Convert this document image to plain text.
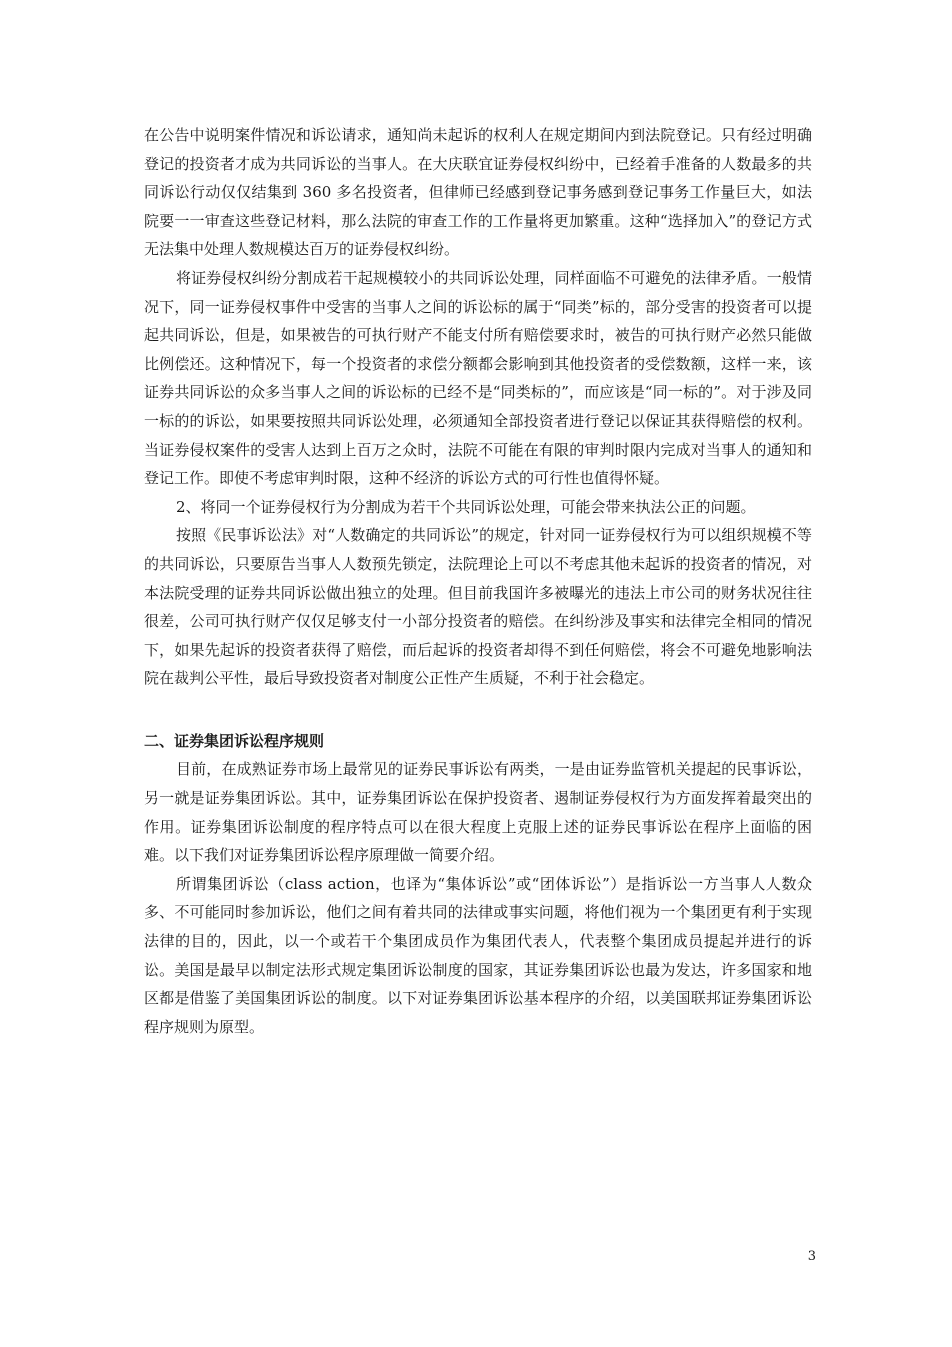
在公告中说明案件情况和诉讼请求，通知尚未起诉的权利人在规定期间内到法院登记。只有经过明确登记的投资者才成为共同诉讼的当事人。在大庆联宜证券侵权纠纷中，已经着手准备的人数最多的共同诉讼行动仅仅结集到 360 多名投资者，但律师已经感到登记事务感到登记事务工作量巨大，如法院要一一审查这些登记材料，那么法院的审查工作的工作量将更加繁重。这种“选择加入”的登记方式无法集中处理人数规模达百万的证券侵权纠纷。

将证券侵权纠纷分割成若干起规模较小的共同诉讼处理，同样面临不可避免的法律矛盾。一般情况下，同一证券侵权事件中受害的当事人之间的诉讼标的属于“同类”标的，部分受害的投资者可以提起共同诉讼，但是，如果被告的可执行财产不能支付所有赔偿要求时，被告的可执行财产必然只能做比例偿还。这种情况下，每一个投资者的求偿分额都会影响到其他投资者的受偿数额，这样一来，该证券共同诉讼的众多当事人之间的诉讼标的已经不是“同类标的”，而应该是“同一标的”。对于涉及同一标的的诉讼，如果要按照共同诉讼处理，必须通知全部投资者进行登记以保证其获得赔偿的权利。当证券侵权案件的受害人达到上百万之众时，法院不可能在有限的审判时限内完成对当事人的通知和登记工作。即使不考虑审判时限，这种不经济的诉讼方式的可行性也值得怀疑。

2、将同一个证券侵权行为分割成为若干个共同诉讼处理，可能会带来执法公正的问题。

按照《民事诉讼法》对“人数确定的共同诉讼”的规定，针对同一证券侵权行为可以组织规模不等的共同诉讼，只要原告当事人人数预先锁定，法院理论上可以不考虑其他未起诉的投资者的情况，对本法院受理的证券共同诉讼做出独立的处理。但目前我国许多被曝光的违法上市公司的财务状况往往很差，公司可执行财产仅仅足够支付一小部分投资者的赔偿。在纠纷涉及事实和法律完全相同的情况下，如果先起诉的投资者获得了赔偿，而后起诉的投资者却得不到任何赔偿，将会不可避免地影响法院在裁判公平性，最后导致投资者对制度公正性产生质疑，不利于社会稳定。

二、证券集团诉讼程序规则

目前，在成熟证券市场上最常见的证券民事诉讼有两类，一是由证券监管机关提起的民事诉讼，另一就是证券集团诉讼。其中，证券集团诉讼在保护投资者、遏制证券侵权行为方面发挥着最突出的作用。证券集团诉讼制度的程序特点可以在很大程度上克服上述的证券民事诉讼在程序上面临的困难。以下我们对证券集团诉讼程序原理做一简要介绍。

所谓集团诉讼（class action，也译为“集体诉讼”或“团体诉讼”）是指诉讼一方当事人人数众多、不可能同时参加诉讼，他们之间有着共同的法律或事实问题，将他们视为一个集团更有利于实现法律的目的，因此，以一个或若干个集团成员作为集团代表人，代表整个集团成员提起并进行的诉讼。美国是最早以制定法形式规定集团诉讼制度的国家，其证券集团诉讼也最为发达，许多国家和地区都是借鉴了美国集团诉讼的制度。以下对证券集团诉讼基本程序的介绍，以美国联邦证券集团诉讼程序规则为原型。

3
